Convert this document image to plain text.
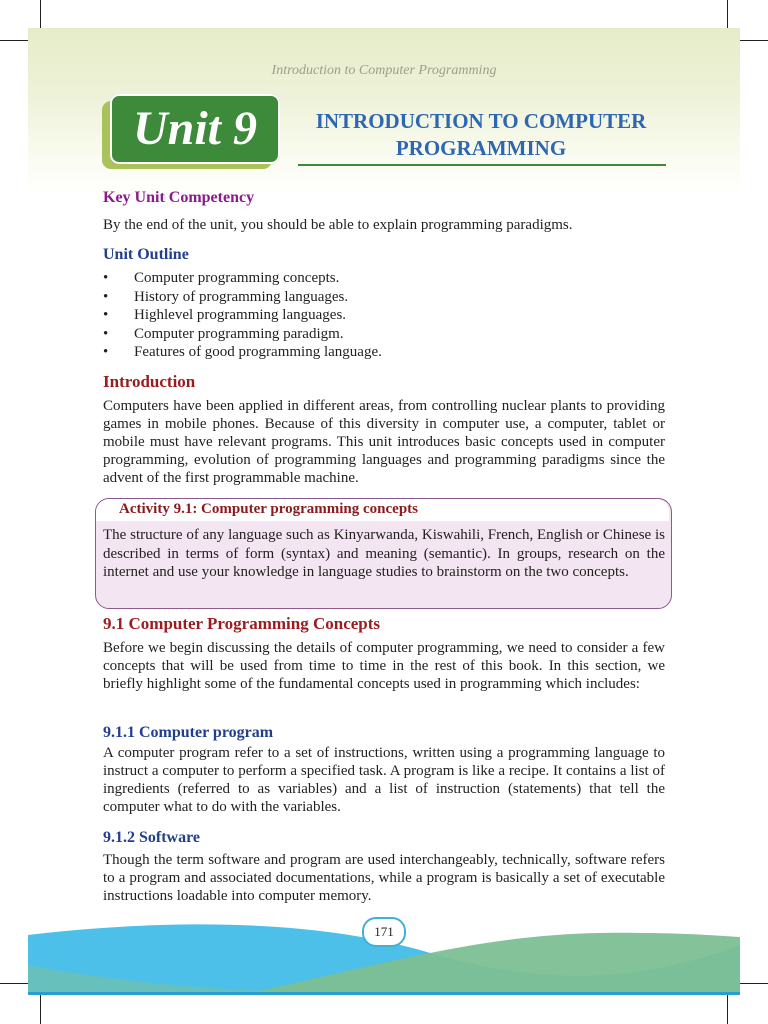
Introduction to Computer Programming
Unit 9	INTRODUCTION TO COMPUTER
PROGRAMMING
Key Unit Competency
By the end of the unit, you should be able to explain programming paradigms.
Unit Outline
• Computer programming concepts.
• History of programming languages.
• Highlevel programming languages.
• Computer programming paradigm.
• Features of good programming language.
Introduction
Computers have been applied in different areas, from controlling nuclear plants to providing games in mobile phones. Because of this diversity in computer use, a computer, tablet or mobile must have relevant programs. This unit introduces basic concepts used in computer programming, evolution of programming languages and programming paradigms since the advent of the first programmable machine.
Activity 9.1: Computer programming concepts
The structure of any language such as Kinyarwanda, Kiswahili, French, English or Chinese is described in terms of form (syntax) and meaning (semantic). In groups, research on the internet and use your knowledge in language studies to brainstorm on the two concepts.
9.1 Computer Programming Concepts
Before we begin discussing the details of computer programming, we need to consider a few concepts that will be used from time to time in the rest of this book. In this section, we briefly highlight some of the fundamental concepts used in programming which includes:
9.1.1 Computer program
A computer program refer to a set of instructions, written using a programming language to instruct a computer to perform a specified task. A program is like a recipe. It contains a list of ingredients (referred to as variables) and a list of instruction (statements) that tell the computer what to do with the variables.
9.1.2 Software
Though the term software and program are used interchangeably, technically, software refers to a program and associated documentations, while a program is basically a set of executable instructions loadable into computer memory.
171
